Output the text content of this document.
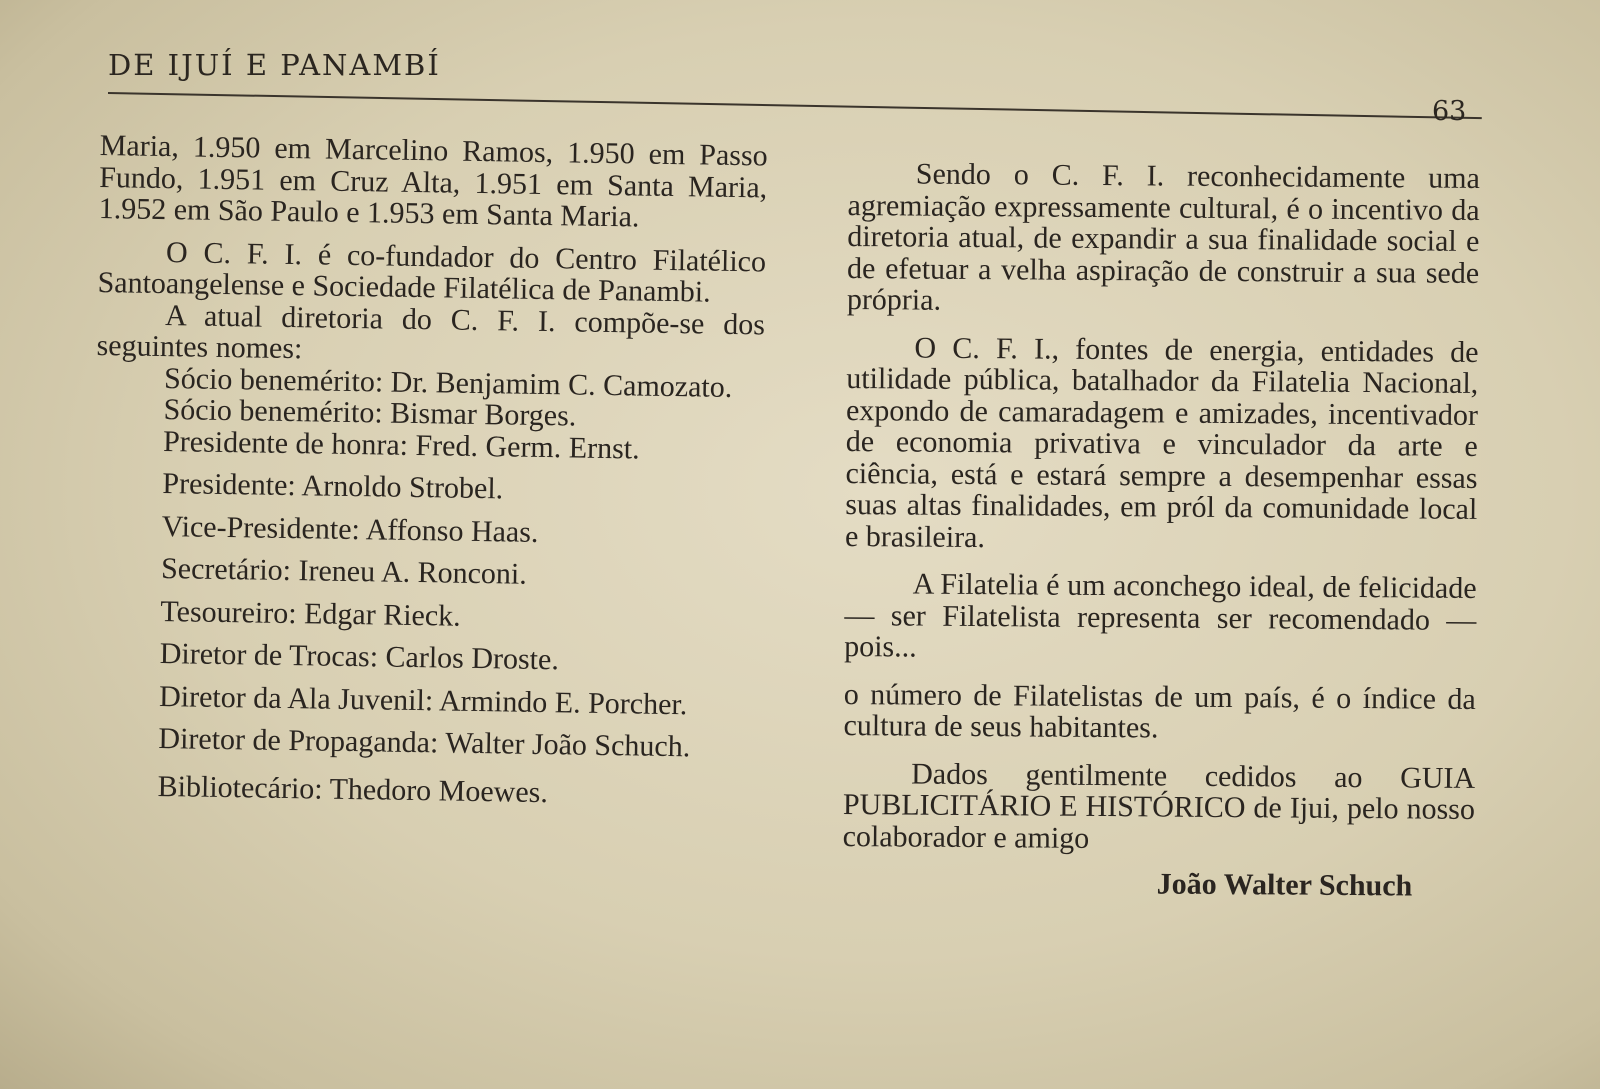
DE IJUÍ E PANAMBÍ
63

Maria, 1.950 em Marcelino Ramos, 1.950 em Passo Fundo, 1.951 em Cruz Alta, 1.951 em Santa Maria, 1.952 em São Paulo e 1.953 em Santa Maria.

O C. F. I. é co-fundador do Centro Filatélico Santoangelense e Sociedade Filatélica de Panambi.

A atual diretoria do C. F. I. compõe-se dos seguintes nomes:

Sócio benemérito: Dr. Benjamim C. Camozato.

Sócio benemérito: Bismar Borges.

Presidente de honra: Fred. Germ. Ernst.

Presidente: Arnoldo Strobel.

Vice-Presidente: Affonso Haas.

Secretário: Ireneu A. Ronconi.

Tesoureiro: Edgar Rieck.

Diretor de Trocas: Carlos Droste.

Diretor da Ala Juvenil: Armindo E. Porcher.

Diretor de Propaganda: Walter João Schuch.

Bibliotecário: Thedoro Moewes.

Sendo o C. F. I. reconhecidamente uma agremiação expressamente cultural, é o incentivo da diretoria atual, de expandir a sua finalidade social e de efetuar a velha aspiração de construir a sua sede própria.

O C. F. I., fontes de energia, entidades de utilidade pública, batalhador da Filatelia Nacional, expondo de camaradagem e amizades, incentivador de economia privativa e vinculador da arte e ciência, está e estará sempre a desempenhar essas suas altas finalidades, em pról da comunidade local e brasileira.

A Filatelia é um aconchego ideal, de felicidade — ser Filatelista representa ser recomendado — pois...

o número de Filatelistas de um país, é o índice da cultura de seus habitantes.

Dados gentilmente cedidos ao GUIA PUBLICITÁRIO E HISTÓRICO de Ijui, pelo nosso colaborador e amigo

João Walter Schuch
